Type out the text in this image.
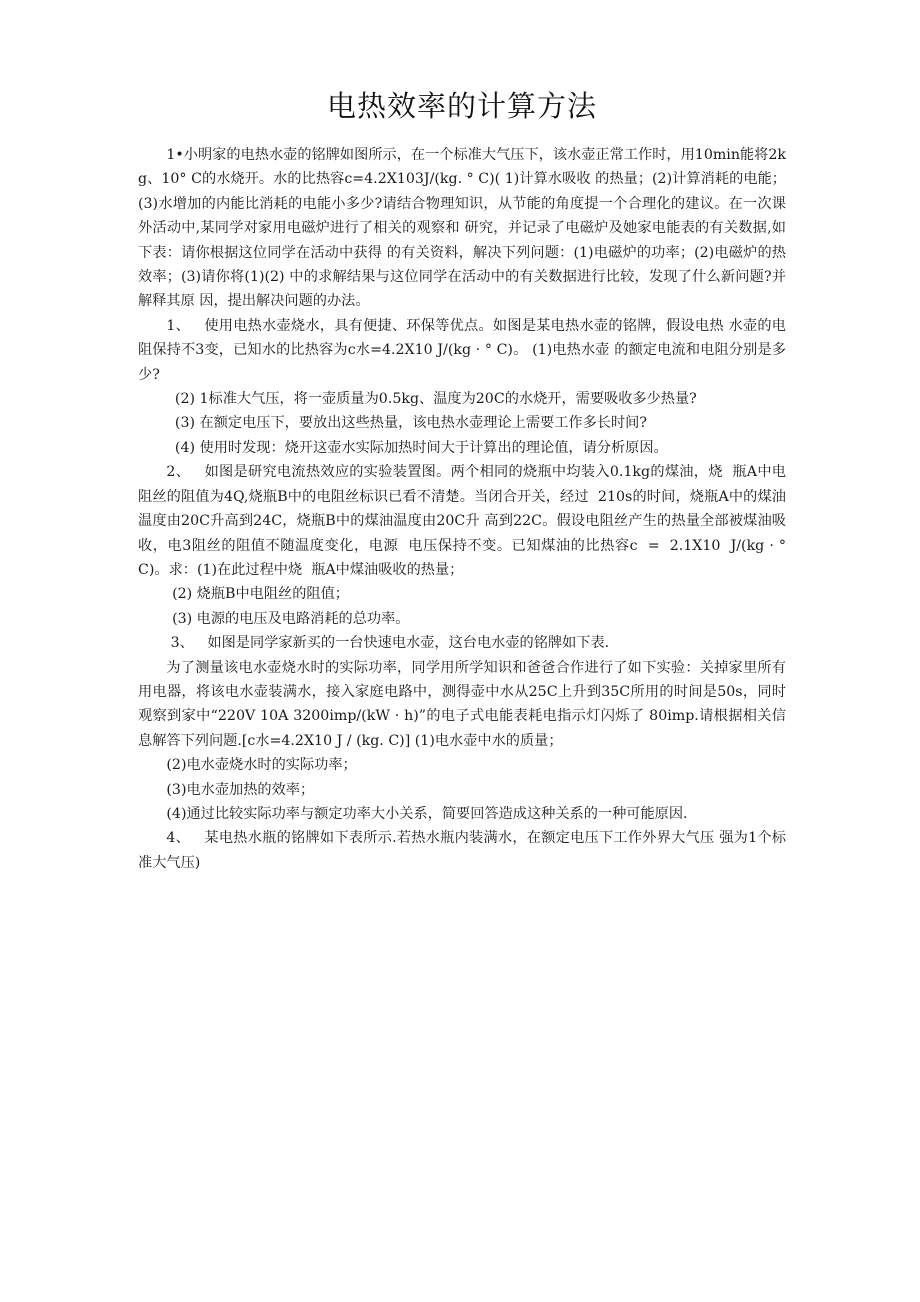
电热效率的计算方法

1•小明家的电热水壶的铭牌如图所示，在一个标准大气压下，该水壶正常工作时，用10min能将2kg、10° C的水烧开。水的比热容c=4.2X103J/(kg. ° C)( 1)计算水吸收 的热量；(2)计算消耗的电能；(3)水增加的内能比消耗的电能小多少?请结合物理知识，从节能的角度提一个合理化的建议。在一次课外活动中,某同学对家用电磁炉进行了相关的观察和 研究，并记录了电磁炉及她家电能表的有关数据,如下表：请你根据这位同学在活动中获得 的有关资料，解决下列问题：(1)电磁炉的功率；(2)电磁炉的热效率；(3)请你将(1)(2) 中的求解结果与这位同学在活动中的有关数据进行比较，发现了什么新问题?并解释其原 因，提出解决问题的办法。

1、   使用电热水壶烧水，具有便捷、环保等优点。如图是某电热水壶的铭牌，假设电热 水壶的电阻保持不3变，已知水的比热容为c水=4.2X10 J/(kg · ° C)。 (1)电热水壶 的额定电流和电阻分别是多少?

(2) 1标准大气压，将一壶质量为0.5kg、温度为20C的水烧开，需要吸收多少热量?

(3) 在额定电压下，要放出这些热量，该电热水壶理论上需要工作多长时间?

(4) 使用时发现：烧开这壶水实际加热时间大于计算出的理论值，请分析原因。

2、   如图是研究电流热效应的实验装置图。两个相同的烧瓶中均装入0.1kg的煤油，烧  瓶A中电阻丝的阻值为4Q,烧瓶B中的电阻丝标识已看不清楚。当闭合开关，经过  210s的时间，烧瓶A中的煤油温度由20C升高到24C，烧瓶B中的煤油温度由20C升 高到22C。假设电阻丝产生的热量全部被煤油吸收，电3阻丝的阻值不随温度变化，电源  电压保持不变。已知煤油的比热容c  =  2.1X10  J/(kg · ° C)。求：(1)在此过程中烧  瓶A中煤油吸收的热量；

(2) 烧瓶B中电阻丝的阻值；

(3) 电源的电压及电路消耗的总功率。

3、   如图是同学家新买的一台快速电水壶，这台电水壶的铭牌如下表.

为了测量该电水壶烧水时的实际功率，同学用所学知识和爸爸合作进行了如下实验：关掉家里所有用电器，将该电水壶装满水，接入家庭电路中，测得壶中水从25C上升到35C所用的时间是50s，同时观察到家中“220V 10A 3200imp/(kW · h)”的电子式电能表耗电指示灯闪烁了 80imp.请根据相关信息解答下列问题.[c水=4.2X10 J / (kg. C)] (1)电水壶中水的质量；

(2)电水壶烧水时的实际功率；

(3)电水壶加热的效率；

(4)通过比较实际功率与额定功率大小关系，简要回答造成这种关系的一种可能原因.

4、   某电热水瓶的铭牌如下表所示.若热水瓶内装满水，在额定电压下工作外界大气压 强为1个标准大气压)
